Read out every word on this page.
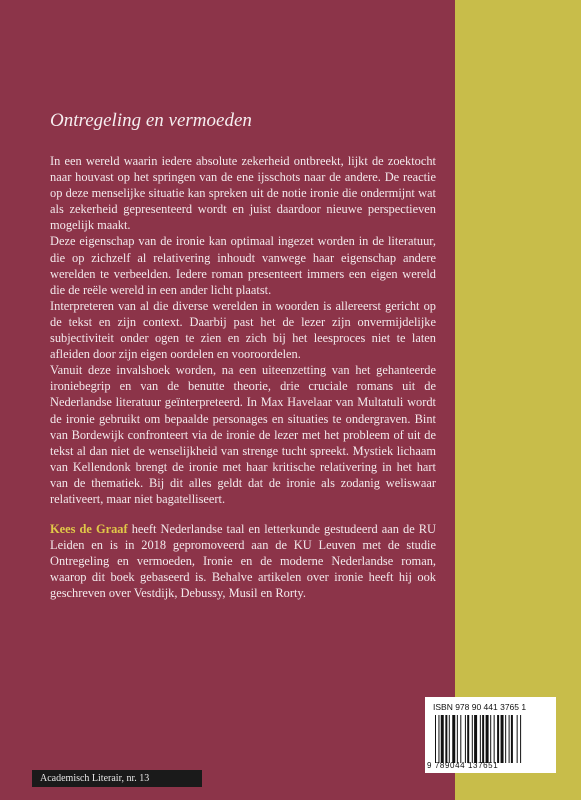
Ontregeling en vermoeden

In een wereld waarin iedere absolute zekerheid ontbreekt, lijkt de zoektocht naar houvast op het springen van de ene ijsschots naar de andere. De reactie op deze menselijke situatie kan spreken uit de notie ironie die ondermijnt wat als zekerheid gepresenteerd wordt en juist daardoor nieuwe perspectieven mogelijk maakt.

Deze eigenschap van de ironie kan optimaal ingezet worden in de literatuur, die op zichzelf al relativering inhoudt vanwege haar eigenschap andere werelden te verbeelden. Iedere roman presenteert immers een eigen wereld die de reële wereld in een ander licht plaatst.

Interpreteren van al die diverse werelden in woorden is allereerst gericht op de tekst en zijn context. Daarbij past het de lezer zijn onvermijdelijke subjectiviteit onder ogen te zien en zich bij het leesproces niet te laten afleiden door zijn eigen oordelen en vooroordelen.

Vanuit deze invalshoek worden, na een uiteenzetting van het gehanteerde ironiebegrip en van de benutte theorie, drie cruciale romans uit de Nederlandse literatuur geïnterpreteerd. In Max Havelaar van Multatuli wordt de ironie gebruikt om bepaalde personages en situaties te ondergraven. Bint van Bordewijk confronteert via de ironie de lezer met het probleem of uit de tekst al dan niet de wenselijkheid van strenge tucht spreekt. Mystiek lichaam van Kellendonk brengt de ironie met haar kritische relativering in het hart van de thematiek. Bij dit alles geldt dat de ironie als zodanig weliswaar relativeert, maar niet bagatelliseert.

Kees de Graaf heeft Nederlandse taal en letterkunde gestudeerd aan de RU Leiden en is in 2018 gepromoveerd aan de KU Leuven met de studie Ontregeling en vermoeden, Ironie en de moderne Nederlandse roman, waarop dit boek gebaseerd is. Behalve artikelen over ironie heeft hij ook geschreven over Vestdijk, Debussy, Musil en Rorty.

ISBN 978 90 441 3765 1
9 789044 137651
Academisch Literair, nr. 13
